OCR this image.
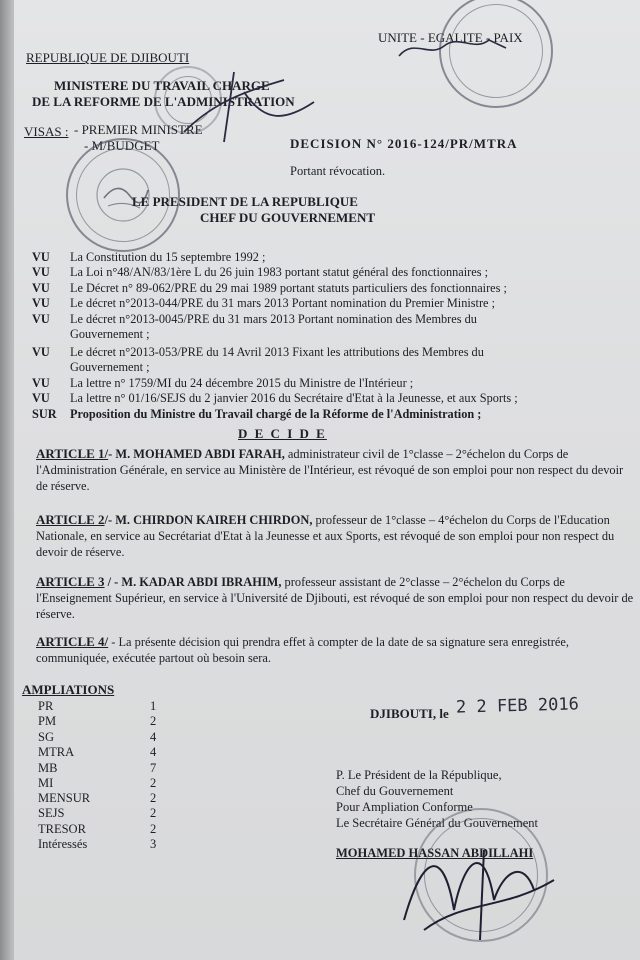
REPUBLIQUE DE DJIBOUTI
UNITE - EGALITE - PAIX
MINISTERE DU TRAVAIL CHARGE
DE LA REFORME DE L'ADMINISTRATION
VISAS : - PREMIER MINISTRE
- M/BUDGET	DECISION N° 2016-124/PR/MTRA
Portant révocation.
LE PRESIDENT DE LA REPUBLIQUE
CHEF DU GOUVERNEMENT
VU La Constitution du 15 septembre 1992 ;
VU La Loi n°48/AN/83/1ère L du 26 juin 1983 portant statut général des fonctionnaires ;
VU Le Décret n° 89-062/PRE du 29 mai 1989 portant statuts particuliers des fonctionnaires ;
VU Le décret n°2013-044/PRE du 31 mars 2013 Portant nomination du Premier Ministre ;
VU Le décret n°2013-0045/PRE du 31 mars 2013 Portant nomination des Membres du
Gouvernement ;
VU Le décret n°2013-053/PRE du 14 Avril 2013 Fixant les attributions des Membres du
Gouvernement ;
VU La lettre n° 1759/MI du 24 décembre 2015 du Ministre de l'Intérieur ;
VU La lettre n° 01/16/SEJS du 2 janvier 2016 du Secrétaire d'Etat à la Jeunesse, et aux Sports ;
SUR Proposition du Ministre du Travail chargé de la Réforme de l'Administration ;
D E C I D E
ARTICLE 1/- M. MOHAMED ABDI FARAH, administrateur civil de 1°classe – 2°échelon du Corps de l'Administration Générale, en service au Ministère de l'Intérieur, est révoqué de son emploi pour non respect du devoir de réserve.
ARTICLE 2/- M. CHIRDON KAIREH CHIRDON, professeur de 1°classe – 4°échelon du Corps de l'Education Nationale, en service au Secrétariat d'Etat à la Jeunesse et aux Sports, est révoqué de son emploi pour non respect du devoir de réserve.
ARTICLE 3 / - M. KADAR ABDI IBRAHIM, professeur assistant de 2°classe – 2°échelon du Corps de l'Enseignement Supérieur, en service à l'Université de Djibouti, est révoqué de son emploi pour non respect du devoir de réserve.
ARTICLE 4/ - La présente décision qui prendra effet à compter de la date de sa signature sera enregistrée, communiquée, exécutée partout où besoin sera.
AMPLIATIONS
PR	1
PM	2
SG	4
MTRA	4
MB	7
MI	2
MENSUR	2
SEJS	2
TRESOR	2
Intéressés	3
DJIBOUTI, le 2 2 FEB 2016
P. Le Président de la République,
Chef du Gouvernement
Pour Ampliation Conforme
Le Secrétaire Général du Gouvernement
MOHAMED HASSAN ABDILLAHI
